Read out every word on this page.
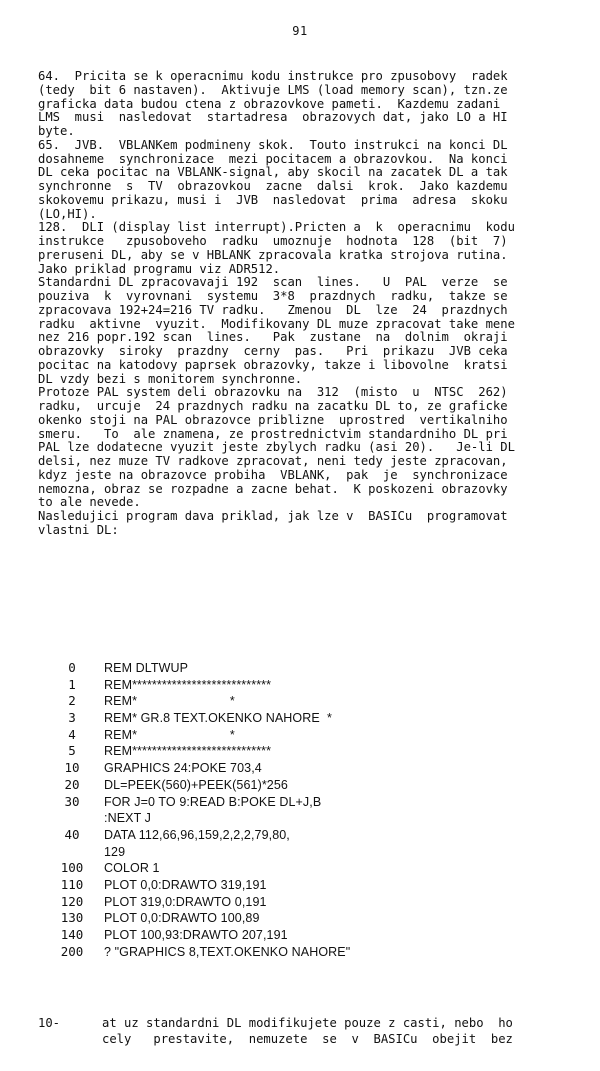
91
64.  Pricita se k operacnimu kodu instrukce pro zpusobovy  radek
(tedy  bit 6 nastaven).  Aktivuje LMS (load memory scan), tzn.ze
graficka data budou ctena z obrazovkove pameti.  Kazdemu zadani
LMS  musi  nasledovat  startadresa  obrazovych dat, jako LO a HI
byte.
65.  JVB.  VBLANKem podmineny skok.  Touto instrukci na konci DL
dosahneme  synchronizace  mezi pocitacem a obrazovkou.  Na konci
DL ceka pocitac na VBLANK-signal, aby skocil na zacatek DL a tak
synchronne  s  TV  obrazovkou  zacne  dalsi  krok.  Jako kazdemu
skokovemu prikazu, musi i  JVB  nasledovat  prima  adresa  skoku
(LO,HI).
128.  DLI (display list interrupt).Pricten a  k  operacnimu  kodu
instrukce   zpusoboveho  radku  umoznuje  hodnota  128  (bit  7)
preruseni DL, aby se v HBLANK zpracovala kratka strojova rutina.
Jako priklad programu viz ADR512.
Standardni DL zpracovavaji 192  scan  lines.   U  PAL  verze  se
pouziva  k  vyrovnani  systemu  3*8  prazdnych  radku,  takze se
zpracovava 192+24=216 TV radku.   Zmenou  DL  lze  24  prazdnych
radku  aktivne  vyuzit.  Modifikovany DL muze zpracovat take mene
nez 216 popr.192 scan  lines.   Pak  zustane  na  dolnim  okraji
obrazovky  siroky  prazdny  cerny  pas.   Pri  prikazu  JVB ceka
pocitac na katodovy paprsek obrazovky, takze i libovolne  kratsi
DL vzdy bezi s monitorem synchronne.
Protoze PAL system deli obrazovku na  312  (misto  u  NTSC  262)
radku,  urcuje  24 prazdnych radku na zacatku DL to, ze graficke
okenko stoji na PAL obrazovce priblizne  uprostred  vertikalniho
smeru.   To  ale znamena, ze prostrednictvim standardniho DL pri
PAL lze dodatecne vyuzit jeste zbylych radku (asi 20).   Je-li DL
delsi, nez muze TV radkove zpracovat, neni tedy jeste zpracovan,
kdyz jeste na obrazovce probiha  VBLANK,  pak  je  synchronizace
nemozna, obraz se rozpadne a zacne behat.  K poskozeni obrazovky
to ale nevede.
Nasledujici program dava priklad, jak lze v  BASICu  programovat
vlastni DL:
0	REM DLTWUP
1	REM****************************
2	REM*                          *
3	REM* GR.8 TEXT.OKENKO NAHORE  *
4	REM*                          *
5	REM****************************
10	GRAPHICS 24:POKE 703,4
20	DL=PEEK(560)+PEEK(561)*256
30	FOR J=0 TO 9:READ B:POKE DL+J,B
:NEXT J
40	DATA 112,66,96,159,2,2,2,79,80,
129
100	COLOR 1
110	PLOT 0,0:DRAWTO 319,191
120	PLOT 319,0:DRAWTO 0,191
130	PLOT 0,0:DRAWTO 100,89
140	PLOT 100,93:DRAWTO 207,191
200	? "GRAPHICS 8,TEXT.OKENKO NAHORE"
10-	at uz standardni DL modifikujete pouze z casti, nebo  ho
cely   prestavite,  nemuzete  se  v  BASICu  obejit  bez
